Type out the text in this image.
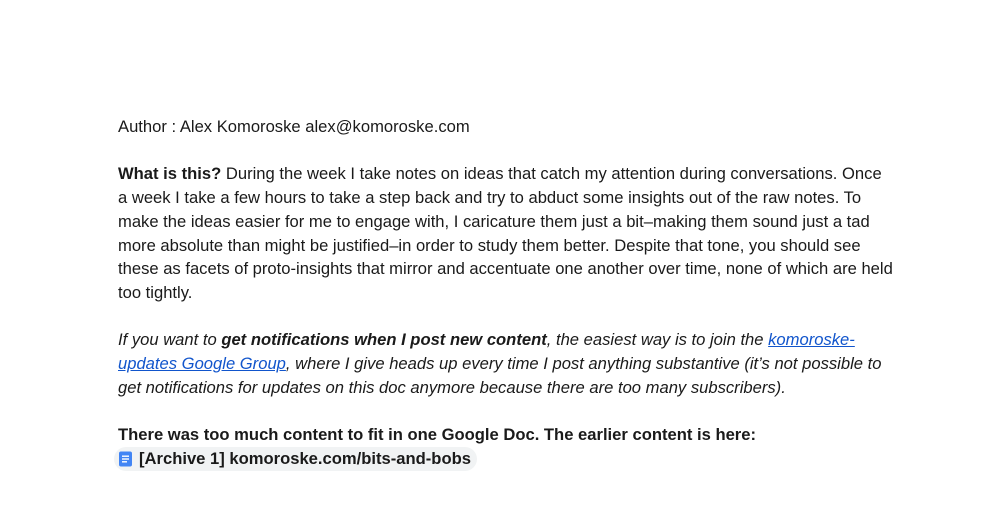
Author : Alex Komoroske alex@komoroske.com

What is this? During the week I take notes on ideas that catch my attention during conversations. Once a week I take a few hours to take a step back and try to abduct some insights out of the raw notes. To make the ideas easier for me to engage with, I caricature them just a bit–making them sound just a tad more absolute than might be justified–in order to study them better. Despite that tone, you should see these as facets of proto-insights that mirror and accentuate one another over time, none of which are held too tightly.

If you want to get notifications when I post new content, the easiest way is to join the komoroske-updates Google Group, where I give heads up every time I post anything substantive (it’s not possible to get notifications for updates on this doc anymore because there are too many subscribers).

There was too much content to fit in one Google Doc. The earlier content is here:

[Archive 1] komoroske.com/bits-and-bobs
